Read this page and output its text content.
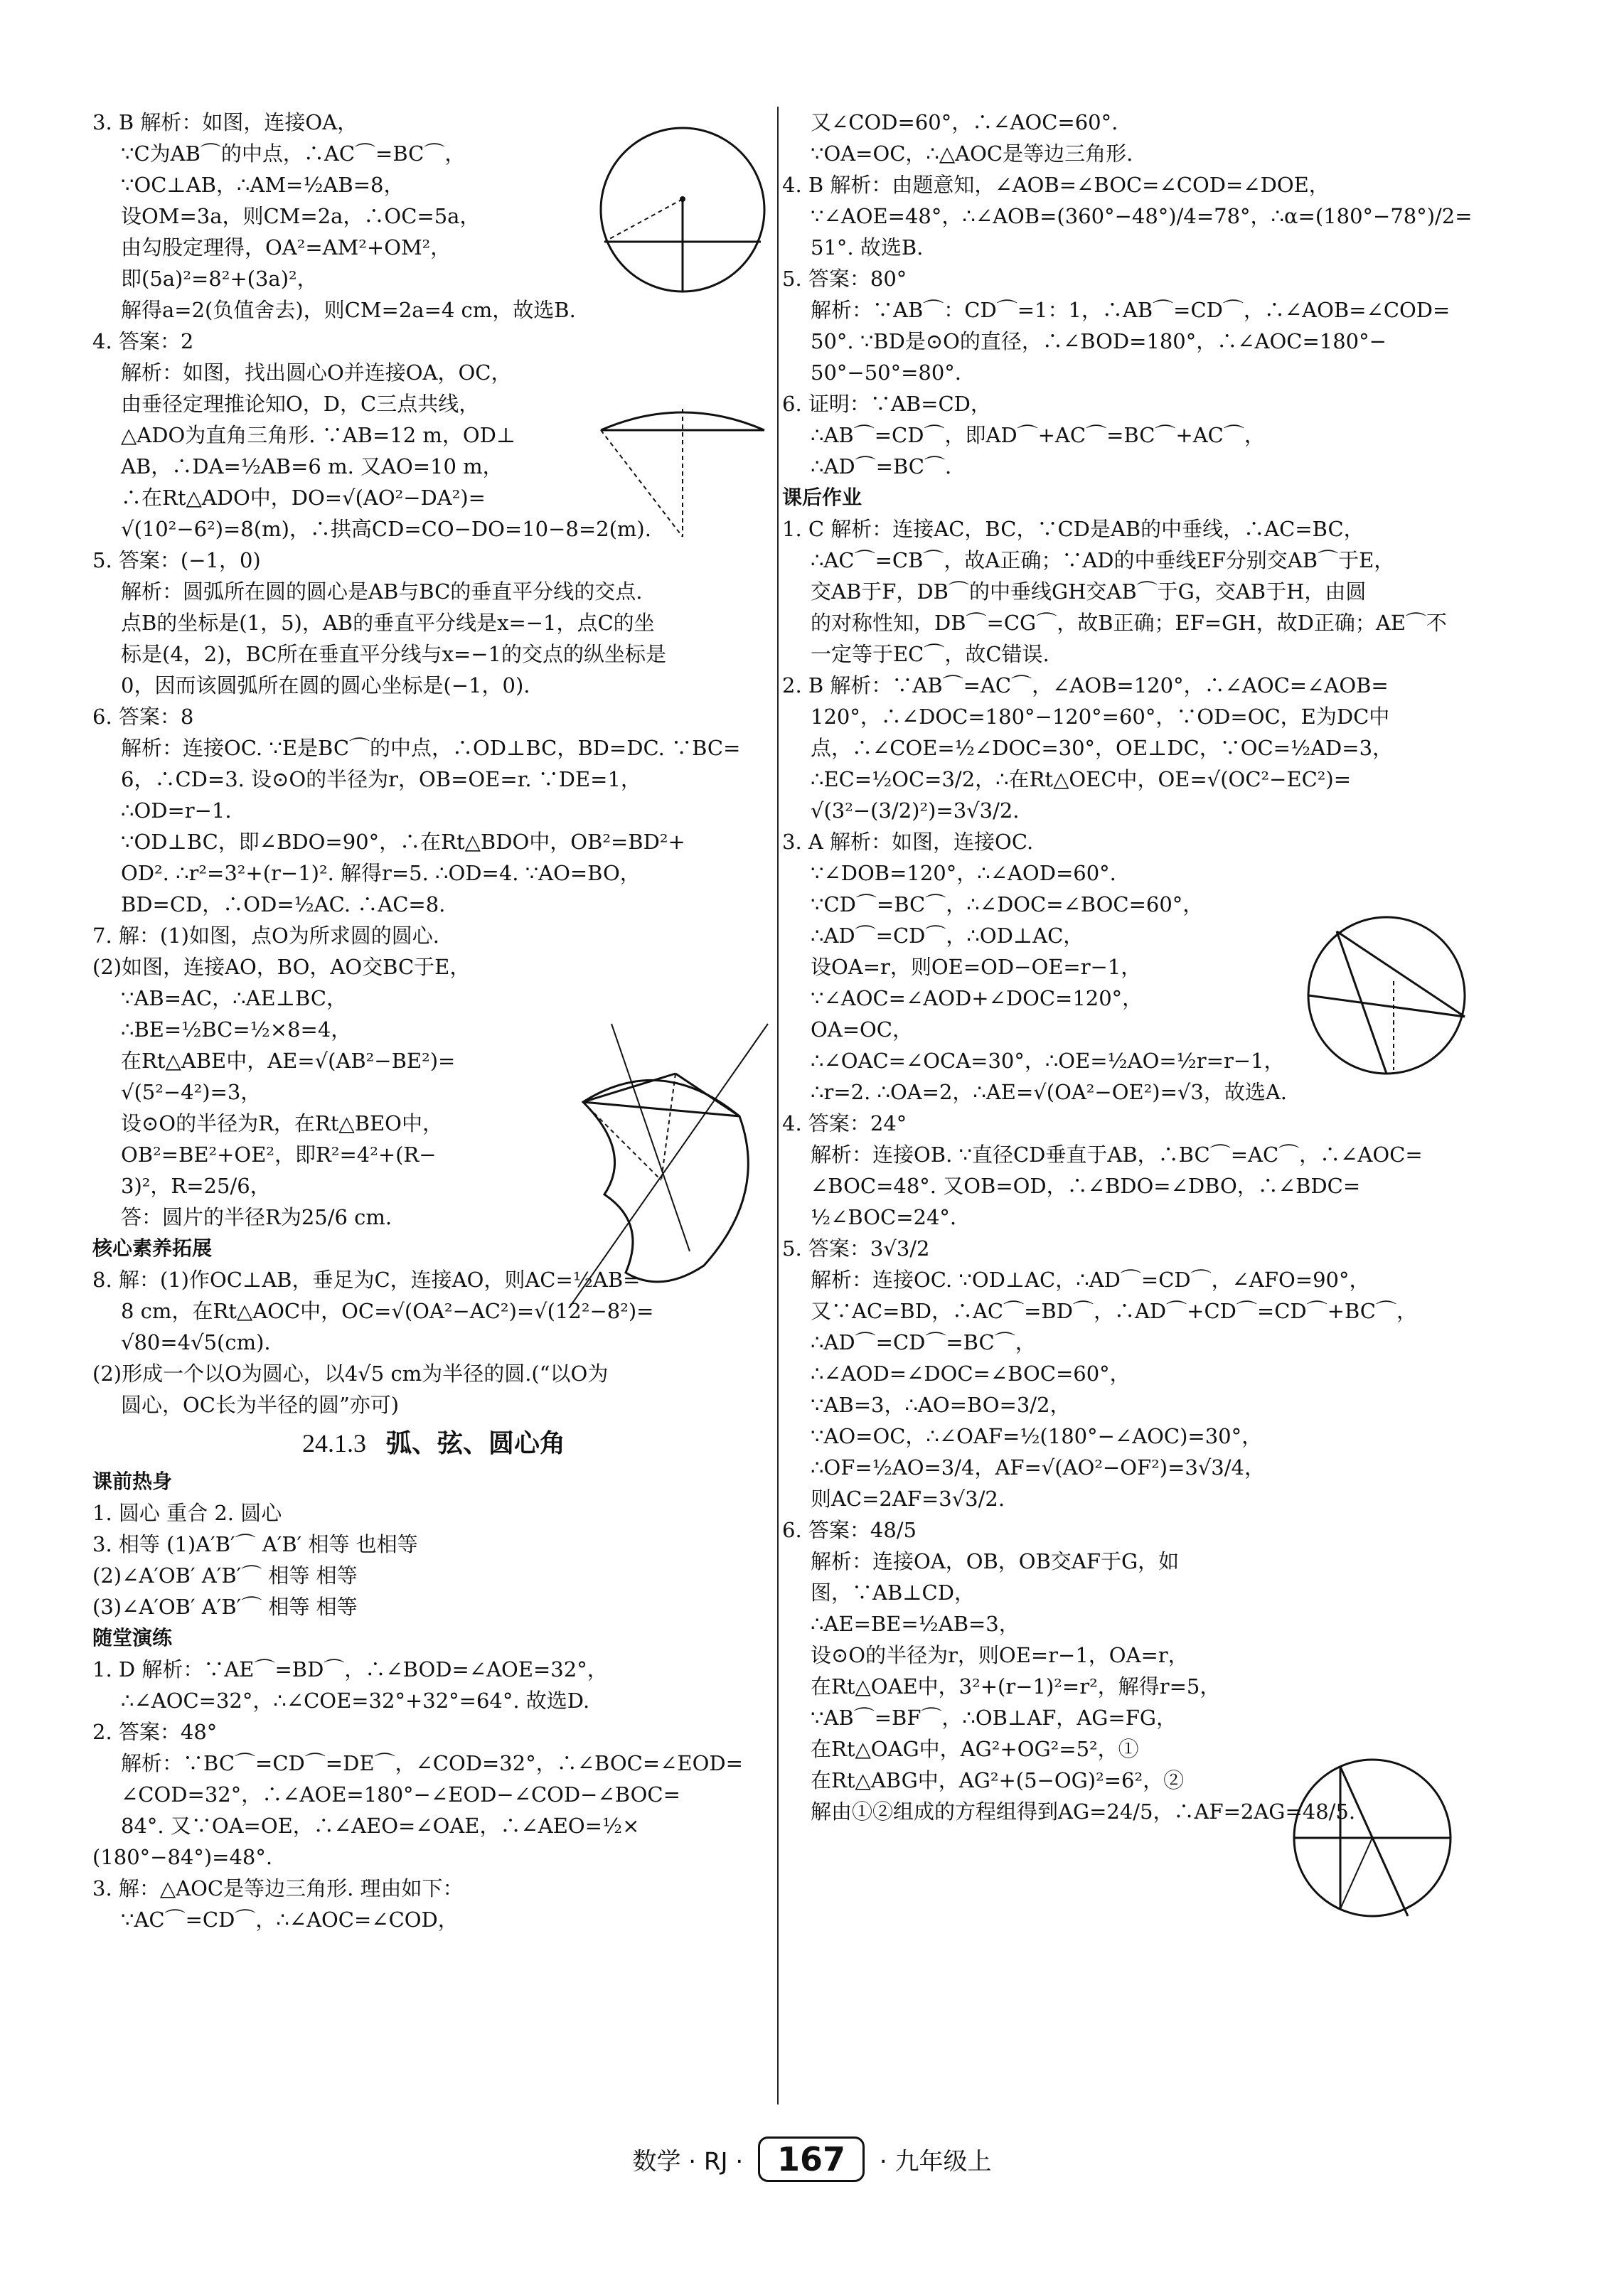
3. B 解析：如图，连接OA，
∵C为AB⌒的中点，∴AC⌒=BC⌒，
∵OC⊥AB，∴AM=½AB=8，
设OM=3a，则CM=2a，∴OC=5a，
由勾股定理得，OA²=AM²+OM²，
即(5a)²=8²+(3a)²，
解得a=2(负值舍去)，则CM=2a=4 cm，故选B.
4. 答案：2
解析：如图，找出圆心O并连接OA，OC，
由垂径定理推论知O，D，C三点共线，
△ADO为直角三角形. ∵AB=12 m，OD⊥
AB，∴DA=½AB=6 m. 又AO=10 m，
∴在Rt△ADO中，DO=√(AO²−DA²)=
√(10²−6²)=8(m)，∴拱高CD=CO−DO=10−8=2(m).
5. 答案：(−1，0)
解析：圆弧所在圆的圆心是AB与BC的垂直平分线的交点.
点B的坐标是(1，5)，AB的垂直平分线是x=−1，点C的坐
标是(4，2)，BC所在垂直平分线与x=−1的交点的纵坐标是
0，因而该圆弧所在圆的圆心坐标是(−1，0).
6. 答案：8
解析：连接OC. ∵E是BC⌒的中点，∴OD⊥BC，BD=DC. ∵BC=
6，∴CD=3. 设⊙O的半径为r，OB=OE=r. ∵DE=1，
∴OD=r−1.
∵OD⊥BC，即∠BDO=90°，∴在Rt△BDO中，OB²=BD²+
OD². ∴r²=3²+(r−1)². 解得r=5. ∴OD=4. ∵AO=BO，
BD=CD，∴OD=½AC. ∴AC=8.
7. 解：(1)如图，点O为所求圆的圆心.
(2)如图，连接AO，BO，AO交BC于E，
∵AB=AC，∴AE⊥BC，
∴BE=½BC=½×8=4，
在Rt△ABE中，AE=√(AB²−BE²)=
√(5²−4²)=3，
设⊙O的半径为R，在Rt△BEO中，
OB²=BE²+OE²，即R²=4²+(R−
3)²，R=25/6，
答：圆片的半径R为25/6 cm.
核心素养拓展
8. 解：(1)作OC⊥AB，垂足为C，连接AO，则AC=½AB=
8 cm，在Rt△AOC中，OC=√(OA²−AC²)=√(12²−8²)=
√80=4√5(cm).
(2)形成一个以O为圆心，以4√5 cm为半径的圆.(“以O为
圆心，OC长为半径的圆”亦可)
24.1.3 弧、弦、圆心角
课前热身
1. 圆心 重合 2. 圆心
3. 相等 (1)A′B′⌒ A′B′ 相等 也相等
(2)∠A′OB′ A′B′⌒ 相等 相等
(3)∠A′OB′ A′B′⌒ 相等 相等
随堂演练
1. D 解析：∵AE⌒=BD⌒，∴∠BOD=∠AOE=32°，
∴∠AOC=32°，∴∠COE=32°+32°=64°. 故选D.
2. 答案：48°
解析：∵BC⌒=CD⌒=DE⌒，∠COD=32°，∴∠BOC=∠EOD=
∠COD=32°，∴∠AOE=180°−∠EOD−∠COD−∠BOC=
84°. 又∵OA=OE，∴∠AEO=∠OAE，∴∠AEO=½×
(180°−84°)=48°.
3. 解：△AOC是等边三角形. 理由如下：
∵AC⌒=CD⌒，∴∠AOC=∠COD，
又∠COD=60°，∴∠AOC=60°.
∵OA=OC，∴△AOC是等边三角形.
4. B 解析：由题意知，∠AOB=∠BOC=∠COD=∠DOE，
∵∠AOE=48°，∴∠AOB=(360°−48°)/4=78°，∴α=(180°−78°)/2=
51°. 故选B.
5. 答案：80°
解析：∵AB⌒：CD⌒=1：1，∴AB⌒=CD⌒，∴∠AOB=∠COD=
50°. ∵BD是⊙O的直径，∴∠BOD=180°，∴∠AOC=180°−
50°−50°=80°.
6. 证明：∵AB=CD，
∴AB⌒=CD⌒，即AD⌒+AC⌒=BC⌒+AC⌒，
∴AD⌒=BC⌒.
课后作业
1. C 解析：连接AC，BC，∵CD是AB的中垂线，∴AC=BC，
∴AC⌒=CB⌒，故A正确；∵AD的中垂线EF分别交AB⌒于E，
交AB于F，DB⌒的中垂线GH交AB⌒于G，交AB于H，由圆
的对称性知，DB⌒=CG⌒，故B正确；EF=GH，故D正确；AE⌒不
一定等于EC⌒，故C错误.
2. B 解析：∵AB⌒=AC⌒，∠AOB=120°，∴∠AOC=∠AOB=
120°，∴∠DOC=180°−120°=60°，∵OD=OC，E为DC中
点，∴∠COE=½∠DOC=30°，OE⊥DC，∵OC=½AD=3，
∴EC=½OC=3/2，∴在Rt△OEC中，OE=√(OC²−EC²)=
√(3²−(3/2)²)=3√3/2.
3. A 解析：如图，连接OC.
∵∠DOB=120°，∴∠AOD=60°.
∵CD⌒=BC⌒，∴∠DOC=∠BOC=60°，
∴AD⌒=CD⌒，∴OD⊥AC，
设OA=r，则OE=OD−OE=r−1，
∵∠AOC=∠AOD+∠DOC=120°，
OA=OC，
∴∠OAC=∠OCA=30°，∴OE=½AO=½r=r−1，
∴r=2. ∴OA=2，∴AE=√(OA²−OE²)=√3，故选A.
4. 答案：24°
解析：连接OB. ∵直径CD垂直于AB，∴BC⌒=AC⌒，∴∠AOC=
∠BOC=48°. 又OB=OD，∴∠BDO=∠DBO，∴∠BDC=
½∠BOC=24°.
5. 答案：3√3/2
解析：连接OC. ∵OD⊥AC，∴AD⌒=CD⌒，∠AFO=90°，
又∵AC=BD，∴AC⌒=BD⌒，∴AD⌒+CD⌒=CD⌒+BC⌒，
∴AD⌒=CD⌒=BC⌒，
∴∠AOD=∠DOC=∠BOC=60°，
∵AB=3，∴AO=BO=3/2，
∵AO=OC，∴∠OAF=½(180°−∠AOC)=30°，
∴OF=½AO=3/4，AF=√(AO²−OF²)=3√3/4，
则AC=2AF=3√3/2.
6. 答案：48/5
解析：连接OA，OB，OB交AF于G，如
图，∵AB⊥CD，
∴AE=BE=½AB=3，
设⊙O的半径为r，则OE=r−1，OA=r，
在Rt△OAE中，3²+(r−1)²=r²，解得r=5，
∵AB⌒=BF⌒，∴OB⊥AF，AG=FG，
在Rt△OAG中，AG²+OG²=5²，①
在Rt△ABG中，AG²+(5−OG)²=6²，②
解由①②组成的方程组得到AG=24/5，∴AF=2AG=48/5.
数学 · RJ · 167 · 九年级上
